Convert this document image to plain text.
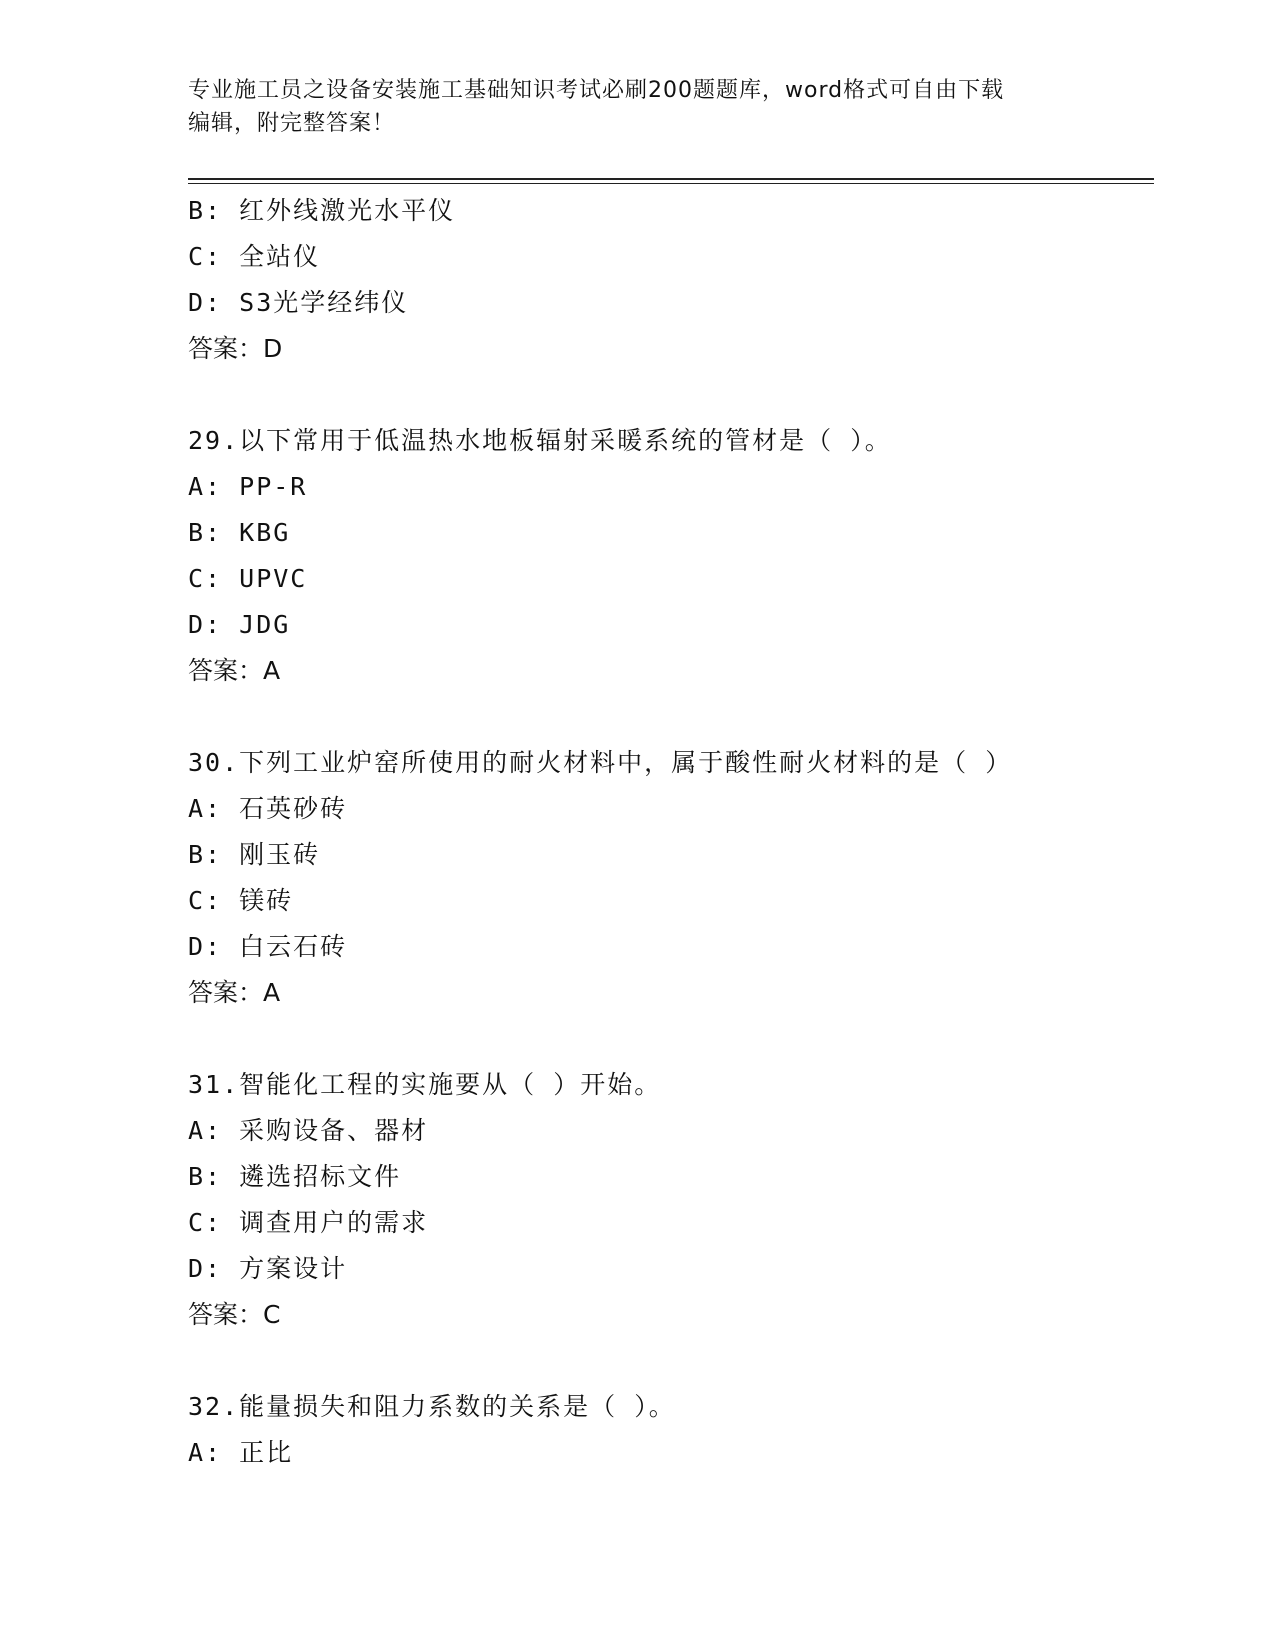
专业施工员之设备安装施工基础知识考试必刷200题题库，word格式可自由下载
编辑，附完整答案！
B: 红外线激光水平仪
C: 全站仪
D: S3光学经纬仪
答案：D
29.以下常用于低温热水地板辐射采暖系统的管材是（ ）。
A: PP-R
B: KBG
C: UPVC
D: JDG
答案：A
30.下列工业炉窑所使用的耐火材料中，属于酸性耐火材料的是（ ）
A: 石英砂砖
B: 刚玉砖
C: 镁砖
D: 白云石砖
答案：A
31.智能化工程的实施要从（ ）开始。
A: 采购设备、器材
B: 遴选招标文件
C: 调查用户的需求
D: 方案设计
答案：C
32.能量损失和阻力系数的关系是（ ）。
A: 正比
